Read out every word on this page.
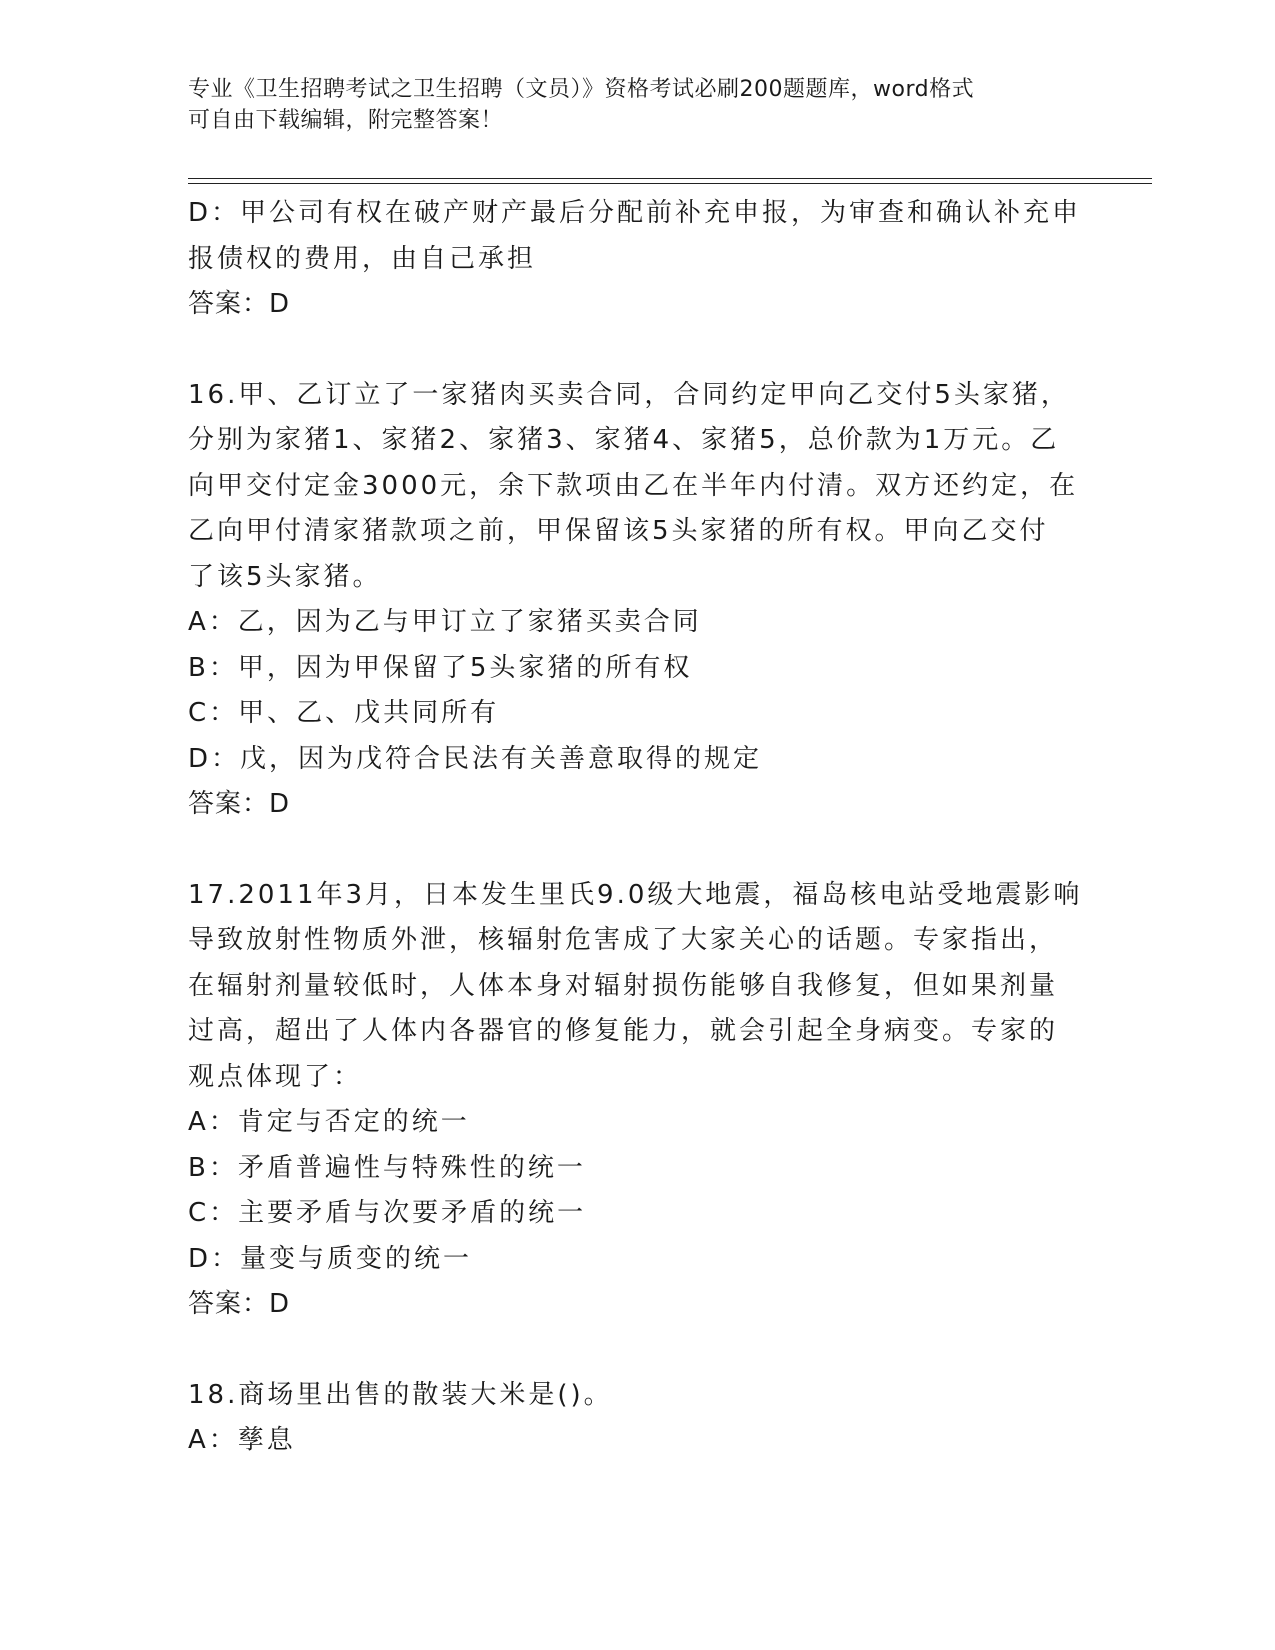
专业《卫生招聘考试之卫生招聘（文员）》资格考试必刷200题题库，word格式
可自由下载编辑，附完整答案！
D：甲公司有权在破产财产最后分配前补充申报，为审查和确认补充申
报债权的费用，由自己承担
答案：D
16.甲、乙订立了一家猪肉买卖合同，合同约定甲向乙交付5头家猪，
分别为家猪1、家猪2、家猪3、家猪4、家猪5，总价款为1万元。乙
向甲交付定金3000元，余下款项由乙在半年内付清。双方还约定，在
乙向甲付清家猪款项之前，甲保留该5头家猪的所有权。甲向乙交付
了该5头家猪。
A：乙，因为乙与甲订立了家猪买卖合同
B：甲，因为甲保留了5头家猪的所有权
C：甲、乙、戊共同所有
D：戊，因为戊符合民法有关善意取得的规定
答案：D
17.2011年3月，日本发生里氏9.0级大地震，福岛核电站受地震影响
导致放射性物质外泄，核辐射危害成了大家关心的话题。专家指出，
在辐射剂量较低时，人体本身对辐射损伤能够自我修复，但如果剂量
过高，超出了人体内各器官的修复能力，就会引起全身病变。专家的
观点体现了：
A：肯定与否定的统一
B：矛盾普遍性与特殊性的统一
C：主要矛盾与次要矛盾的统一
D：量变与质变的统一
答案：D
18.商场里出售的散装大米是()。
A：孳息
